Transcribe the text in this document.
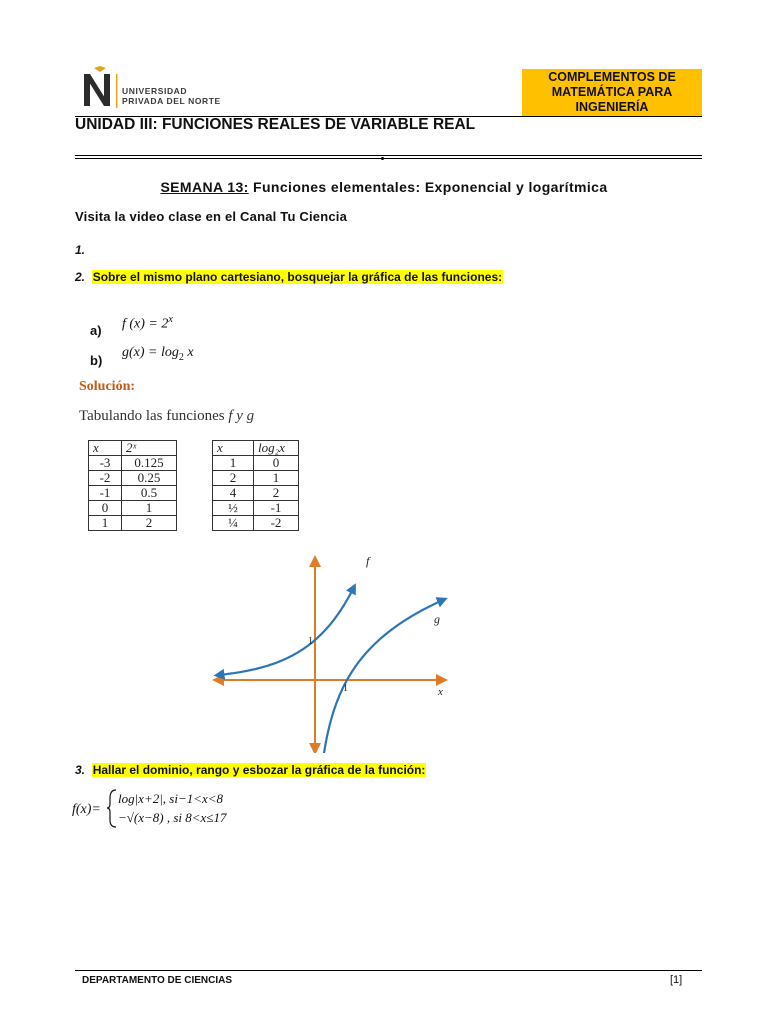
UNIVERSIDAD
PRIVADA DEL NORTE
COMPLEMENTOS DE
MATEMÁTICA PARA
INGENIERÍA
UNIDAD III: FUNCIONES REALES DE VARIABLE REAL
SEMANA 13: Funciones elementales: Exponencial y logarítmica
Visita la video clase en el Canal Tu Ciencia
1.
2. Sobre el mismo plano cartesiano, bosquejar la gráfica de las funciones:
a) f $(x) = 2^x$
b)
$g(x) = \log_2 x$
Solución:
Tabulando las funciones f y g
x	2ˣ
-3	0.125
-2	0.25
-1	0.5
0	1
1	2
x	log₂x
1	0
2	1
4	2
½	-1
¼	-2
f
g
1
1	x
3. Hallar el dominio, rango y esbozar la gráfica de la función:
f(x)=
log|x+2|, si−1<x<8
−√(x−8) , si 8<x≤17
DEPARTAMENTO DE CIENCIAS	[1]
